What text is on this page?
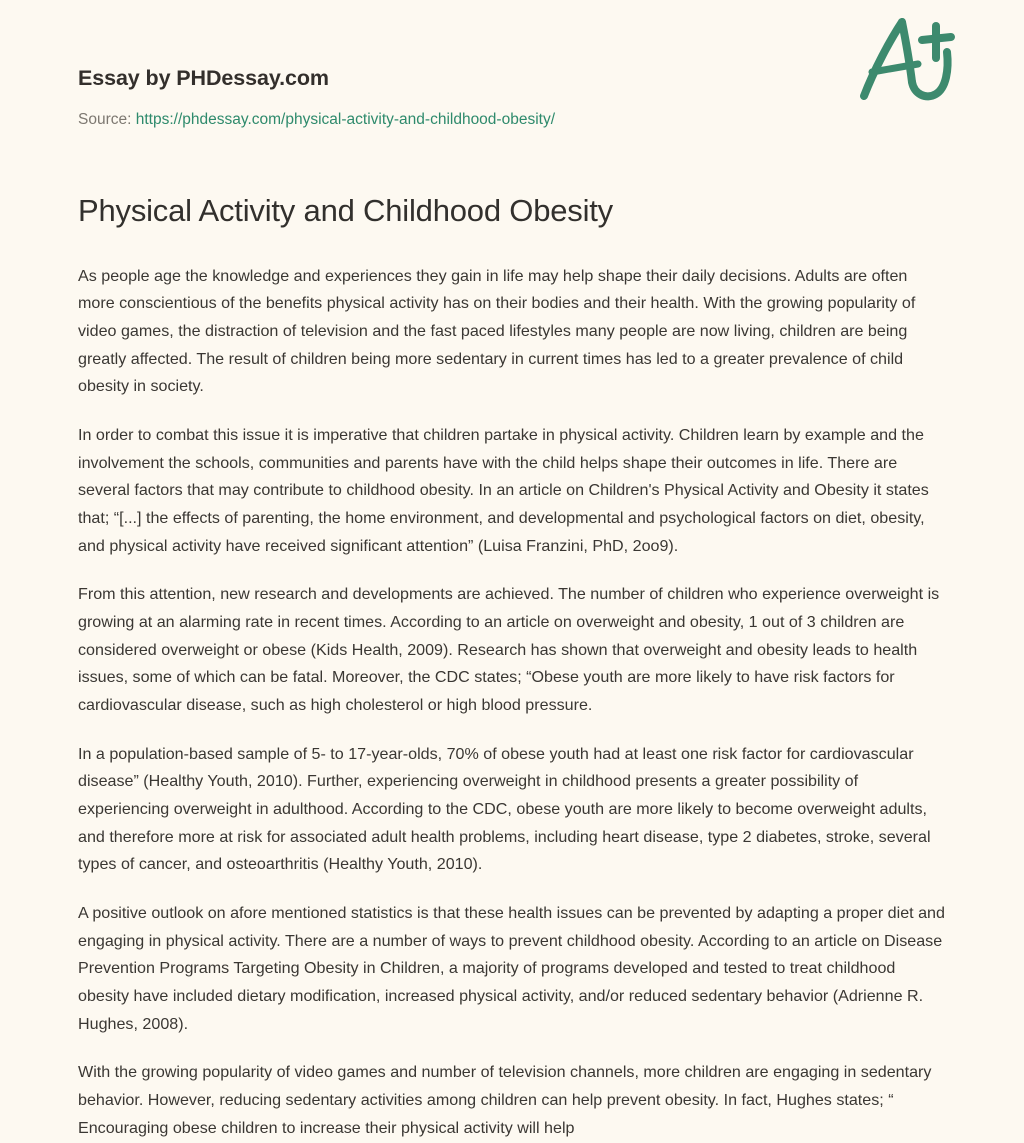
Essay by PHDessay.com
Source: https://phdessay.com/physical-activity-and-childhood-obesity/
Physical Activity and Childhood Obesity

As people age the knowledge and experiences they gain in life may help shape their daily decisions. Adults are often more conscientious of the benefits physical activity has on their bodies and their health. With the growing popularity of video games, the distraction of television and the fast paced lifestyles many people are now living, children are being greatly affected. The result of children being more sedentary in current times has led to a greater prevalence of child obesity in society.

In order to combat this issue it is imperative that children partake in physical activity. Children learn by example and the involvement the schools, communities and parents have with the child helps shape their outcomes in life. There are several factors that may contribute to childhood obesity. In an article on Children's Physical Activity and Obesity it states that; “[...] the effects of parenting, the home environment, and developmental and psychological factors on diet, obesity, and physical activity have received significant attention” (Luisa Franzini, PhD, 2oo9).

From this attention, new research and developments are achieved. The number of children who experience overweight is growing at an alarming rate in recent times. According to an article on overweight and obesity, 1 out of 3 children are considered overweight or obese (Kids Health, 2009). Research has shown that overweight and obesity leads to health issues, some of which can be fatal. Moreover, the CDC states; “Obese youth are more likely to have risk factors for cardiovascular disease, such as high cholesterol or high blood pressure.

In a population-based sample of 5- to 17-year-olds, 70% of obese youth had at least one risk factor for cardiovascular disease” (Healthy Youth, 2010). Further, experiencing overweight in childhood presents a greater possibility of experiencing overweight in adulthood. According to the CDC, obese youth are more likely to become overweight adults, and therefore more at risk for associated adult health problems, including heart disease, type 2 diabetes, stroke, several types of cancer, and osteoarthritis (Healthy Youth, 2010).

A positive outlook on afore mentioned statistics is that these health issues can be prevented by adapting a proper diet and engaging in physical activity. There are a number of ways to prevent childhood obesity. According to an article on Disease Prevention Programs Targeting Obesity in Children, a majority of programs developed and tested to treat childhood obesity have included dietary modification, increased physical activity, and/or reduced sedentary behavior (Adrienne R. Hughes, 2008).

With the growing popularity of video games and number of television channels, more children are engaging in sedentary behavior. However, reducing sedentary activities among children can help prevent obesity. In fact, Hughes states; “ Encouraging obese children to increase their physical activity will help
